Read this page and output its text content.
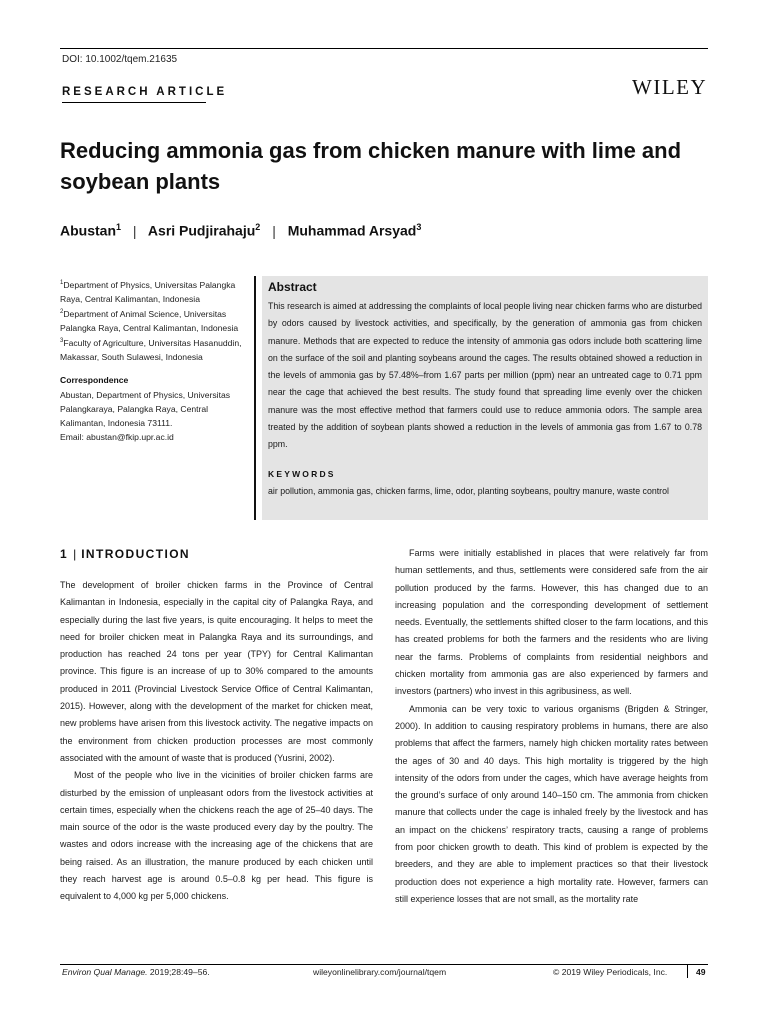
DOI: 10.1002/tqem.21635
RESEARCH ARTICLE	WILEY
Reducing ammonia gas from chicken manure with lime and soybean plants
Abustan$^1$ | Asri Pudjirahaju$^2$ | Muhammad Arsyad$^3$
$^1$Department of Physics, Universitas Palangka Raya, Central Kalimantan, Indonesia
$^2$Department of Animal Science, Universitas Palangka Raya, Central Kalimantan, Indonesia
$^3$Faculty of Agriculture, Universitas Hasanuddin, Makassar, South Sulawesi, Indonesia
Correspondence
Abustan, Department of Physics, Universitas Palangkaraya, Palangka Raya, Central Kalimantan, Indonesia 73111.
Email: abustan@fkip.upr.ac.id
Abstract
This research is aimed at addressing the complaints of local people living near chicken farms who are disturbed by odors caused by livestock activities, and specifically, by the generation of ammonia gas from chicken manure. Methods that are expected to reduce the intensity of ammonia gas odors include both scattering lime on the surface of the soil and planting soybeans around the cages. The results obtained showed a reduction in the levels of ammonia gas by 57.48%–from 1.67 parts per million (ppm) near an untreated cage to 0.71 ppm near the cage that achieved the best results. The study found that spreading lime evenly over the chicken manure was the most effective method that farmers could use to reduce ammonia odors. The sample area treated by the addition of soybean plants showed a reduction in the levels of ammonia gas from 1.67 to 0.78 ppm.
KEYWORDS
air pollution, ammonia gas, chicken farms, lime, odor, planting soybeans, poultry manure, waste control
1 | INTRODUCTION

The development of broiler chicken farms in the Province of Central Kalimantan in Indonesia, especially in the capital city of Palangka Raya, and especially during the last five years, is quite encouraging. It helps to meet the need for broiler chicken meat in Palangka Raya and its surroundings, and production has reached 24 tons per year (TPY) for Central Kalimantan province. This figure is an increase of up to 30% compared to the amounts produced in 2011 (Provincial Livestock Service Office of Central Kalimantan, 2015). However, along with the development of the market for chicken meat, new problems have arisen from this livestock activity. The negative impacts on the environment from chicken production processes are most commonly associated with the amount of waste that is produced (Yusrini, 2002).

Most of the people who live in the vicinities of broiler chicken farms are disturbed by the emission of unpleasant odors from the livestock activities at certain times, especially when the chickens reach the age of 25–40 days. The main source of the odor is the waste produced every day by the poultry. The wastes and odors increase with the increasing age of the chickens that are being raised. As an illustration, the manure produced by each chicken until they reach harvest age is around 0.5–0.8 kg per head. This figure is equivalent to 4,000 kg per 5,000 chickens.

Farms were initially established in places that were relatively far from human settlements, and thus, settlements were considered safe from the air pollution produced by the farms. However, this has changed due to an increasing population and the corresponding development of settlement needs. Eventually, the settlements shifted closer to the farm locations, and this has created problems for both the farmers and the residents who are living near the farms. Problems of complaints from residential neighbors and chicken mortality from ammonia gas are also experienced by farmers and investors (partners) who invest in this agribusiness, as well.

Ammonia can be very toxic to various organisms (Brigden & Stringer, 2000). In addition to causing respiratory problems in humans, there are also problems that affect the farmers, namely high chicken mortality rates between the ages of 30 and 40 days. This high mortality is triggered by the high intensity of the odors from under the cages, which have average heights from the ground’s surface of only around 140–150 cm. The ammonia from chicken manure that collects under the cage is inhaled freely by the livestock and has an impact on the chickens’ respiratory tracts, causing a range of problems from poor chicken growth to death. This kind of problem is expected by the breeders, and they are able to implement practices so that their livestock production does not experience a high mortality rate. However, farmers can still experience losses that are not small, as the mortality rate

Environ Qual Manage. 2019;28:49–56.	wileyonlinelibrary.com/journal/tqem	© 2019 Wiley Periodicals, Inc.	49
